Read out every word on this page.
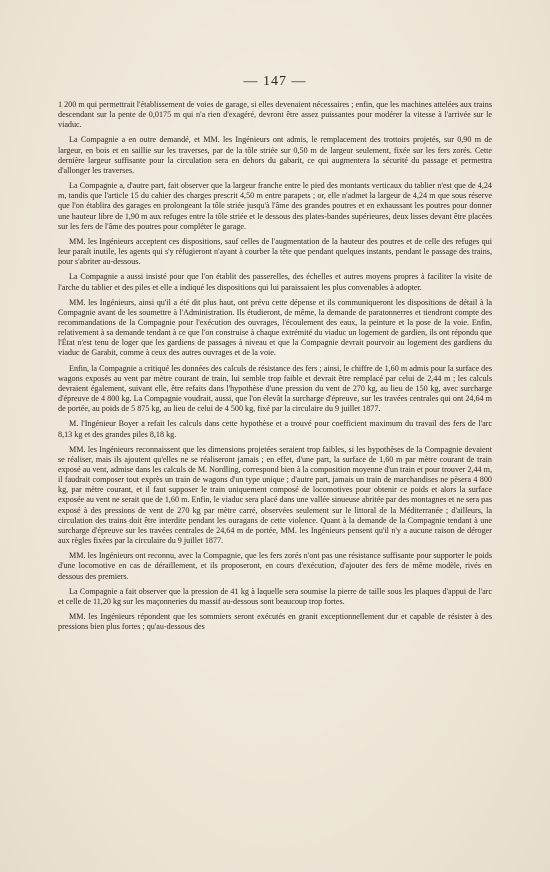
— 147 —

1 200 m qui permettrait l'établissement de voies de garage, si elles devenaient nécessaires ; enfin, que les machines attelées aux trains descendant sur la pente de 0,0175 m qui n'a rien d'exagéré, devront être assez puissantes pour modérer la vitesse à l'arrivée sur le viaduc.

La Compagnie a en outre demandé, et MM. les Ingénieurs ont admis, le remplacement des trottoirs projetés, sur 0,90 m de largeur, en bois et en saillie sur les traverses, par de la tôle striée sur 0,50 m de largeur seulement, fixée sur les fers zorés. Cette dernière largeur suffisante pour la circulation sera en dehors du gabarit, ce qui augmentera la sécurité du passage et permettra d'allonger les traverses.

La Compagnie a, d'autre part, fait observer que la largeur franche entre le pied des montants verticaux du tablier n'est que de 4,24 m, tandis que l'article 15 du cahier des charges prescrit 4,50 m entre parapets ; or, elle n'admet la largeur de 4,24 m que sous réserve que l'on établira des garages en prolongeant la tôle striée jusqu'à l'âme des grandes poutres et en exhaussant les poutres pour donner une hauteur libre de 1,90 m aux refuges entre la tôle striée et le dessous des plates-bandes supérieures, deux lisses devant être placées sur les fers de l'âme des poutres pour compléter le garage.

MM. les Ingénieurs acceptent ces dispositions, sauf celles de l'augmentation de la hauteur des poutres et de celle des refuges qui leur paraît inutile, les agents qui s'y réfugieront n'ayant à courber la tête que pendant quelques instants, pendant le passage des trains, pour s'abriter au-dessous.

La Compagnie a aussi insisté pour que l'on établit des passerelles, des échelles et autres moyens propres à faciliter la visite de l'arche du tablier et des piles et elle a indiqué les dispositions qui lui paraissaient les plus convenables à adopter.

MM. les Ingénieurs, ainsi qu'il a été dit plus haut, ont prévu cette dépense et ils communiqueront les dispositions de détail à la Compagnie avant de les soumettre à l'Administration. Ils étudieront, de même, la demande de paratonnerres et tiendront compte des recommandations de la Compagnie pour l'exécution des ouvrages, l'écoulement des eaux, la peinture et la pose de la voie. Enfin, relativement à sa demande tendant à ce que l'on construise à chaque extrémité du viaduc un logement de gardien, ils ont répondu que l'État n'est tenu de loger que les gardiens de passages à niveau et que la Compagnie devrait pourvoir au logement des gardiens du viaduc de Garabit, comme à ceux des autres ouvrages et de la voie.

Enfin, la Compagnie a critiqué les données des calculs de résistance des fers ; ainsi, le chiffre de 1,60 m admis pour la surface des wagons exposés au vent par mètre courant de train, lui semble trop faible et devrait être remplacé par celui de 2,44 m ; les calculs devraient également, suivant elle, être refaits dans l'hypothèse d'une pression du vent de 270 kg, au lieu de 150 kg, avec surcharge d'épreuve de 4 800 kg. La Compagnie voudrait, aussi, que l'on élevât la surcharge d'épreuve, sur les travées centrales qui ont 24,64 m de portée, au poids de 5 875 kg, au lieu de celui de 4 500 kg, fixé par la circulaire du 9 juillet 1877.

M. l'Ingénieur Boyer a refait les calculs dans cette hypothèse et a trouvé pour coefficient maximum du travail des fers de l'arc 8,13 kg et des grandes piles 8,18 kg.

MM. les Ingénieurs reconnaissent que les dimensions projetées seraient trop faibles, si les hypothèses de la Compagnie devaient se réaliser, mais ils ajoutent qu'elles ne se réaliseront jamais ; en effet, d'une part, la surface de 1,60 m par mètre courant de train exposé au vent, admise dans les calculs de M. Nordling, correspond bien à la composition moyenne d'un train et pour trouver 2,44 m, il faudrait composer tout exprès un train de wagons d'un type unique ; d'autre part, jamais un train de marchandises ne pèsera 4 800 kg, par mètre courant, et il faut supposer le train uniquement composé de locomotives pour obtenir ce poids et alors la surface exposée au vent ne serait que de 1,60 m. Enfin, le viaduc sera placé dans une vallée sinueuse abritée par des montagnes et ne sera pas exposé à des pressions de vent de 270 kg par mètre carré, observées seulement sur le littoral de la Méditerranée ; d'ailleurs, la circulation des trains doit être interdite pendant les ouragans de cette violence. Quant à la demande de la Compagnie tendant à une surcharge d'épreuve sur les travées centrales de 24,64 m de portée, MM. les Ingénieurs pensent qu'il n'y a aucune raison de déroger aux règles fixées par la circulaire du 9 juillet 1877.

MM. les Ingénieurs ont reconnu, avec la Compagnie, que les fers zorés n'ont pas une résistance suffisante pour supporter le poids d'une locomotive en cas de déraillement, et ils proposeront, en cours d'exécution, d'ajouter des fers de même modèle, rivés en dessous des premiers.

La Compagnie a fait observer que la pression de 41 kg à laquelle sera soumise la pierre de taille sous les plaques d'appui de l'arc et celle de 11,20 kg sur les maçonneries du massif au-dessous sont beaucoup trop fortes.

MM. les Ingénieurs répondent que les sommiers seront exécutés en granit exceptionnellement dur et capable de résister à des pressions bien plus fortes ; qu'au-dessous des
